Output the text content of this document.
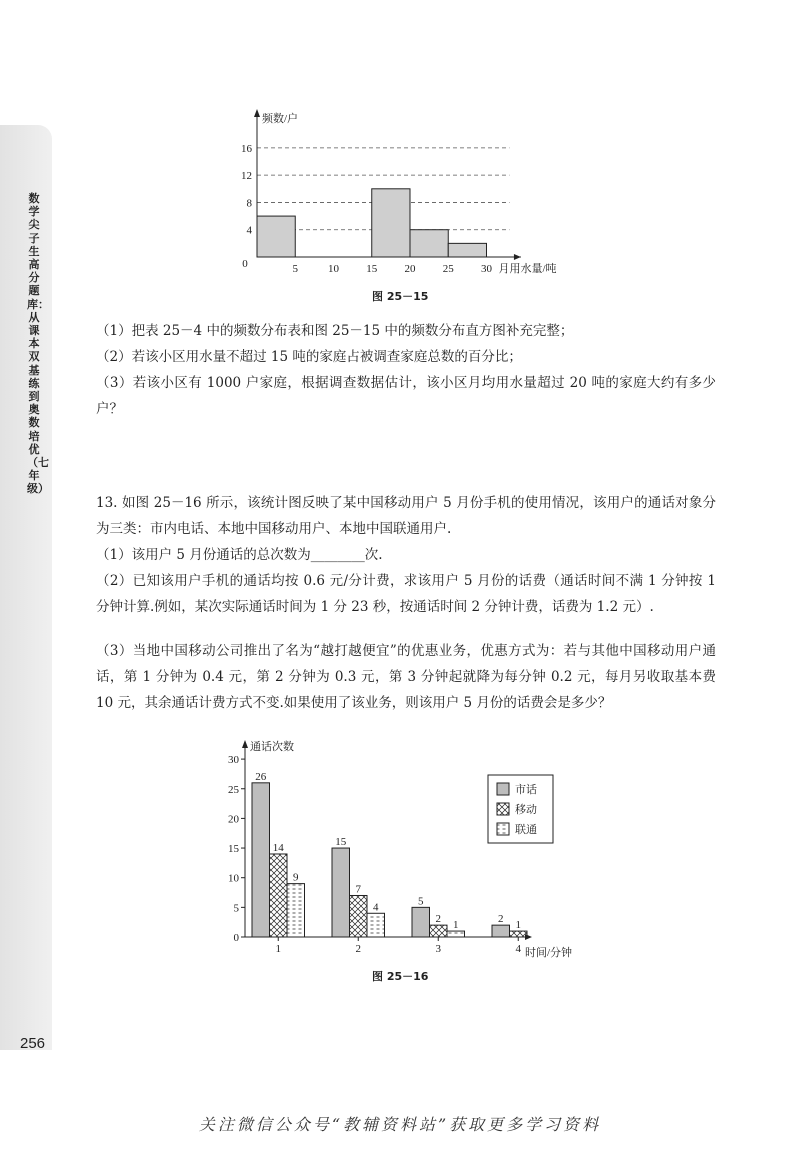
数学尖子生高分题库：从课本双基练到奥数培优（七年级）
256
0
4
8
12
16
5	10 15 20 25 30
频数/户
月用水量/吨
图 25－15
（1）把表 25－4 中的频数分布表和图 25－15 中的频数分布直方图补充完整；
（2）若该小区用水量不超过 15 吨的家庭占被调查家庭总数的百分比；
（3）若该小区有 1000 户家庭，根据调查数据估计，该小区月均用水量超过 20 吨的家庭大约有多少户？
13. 如图 25－16 所示，该统计图反映了某中国移动用户 5 月份手机的使用情况，该用户的通话对象分为三类：市内电话、本地中国移动用户、本地中国联通用户.
（1）该用户 5 月份通话的总次数为________次.
（2）已知该用户手机的通话均按 0.6 元/分计费，求该用户 5 月份的话费（通话时间不满 1 分钟按 1 分钟计算.例如，某次实际通话时间为 1 分 23 秒，按通话时间 2 分钟计费，话费为 1.2 元）.
（3）当地中国移动公司推出了名为“越打越便宜”的优惠业务，优惠方式为：若与其他中国移动用户通话，第 1 分钟为 0.4 元，第 2 分钟为 0.3 元，第 3 分钟起就降为每分钟 0.2 元，每月另收取基本费 10 元，其余通话计费方式不变.如果使用了该业务，则该用户 5 月份的话费会是多少？
0
5
10
15
20
25
30
26
14
9
1
15
7
4
2
5
2 1
3
2 1
4
通话次数
时间/分钟
市话
移动
联通
图 25－16
关注微信公众号“教辅资料站”获取更多学习资料
